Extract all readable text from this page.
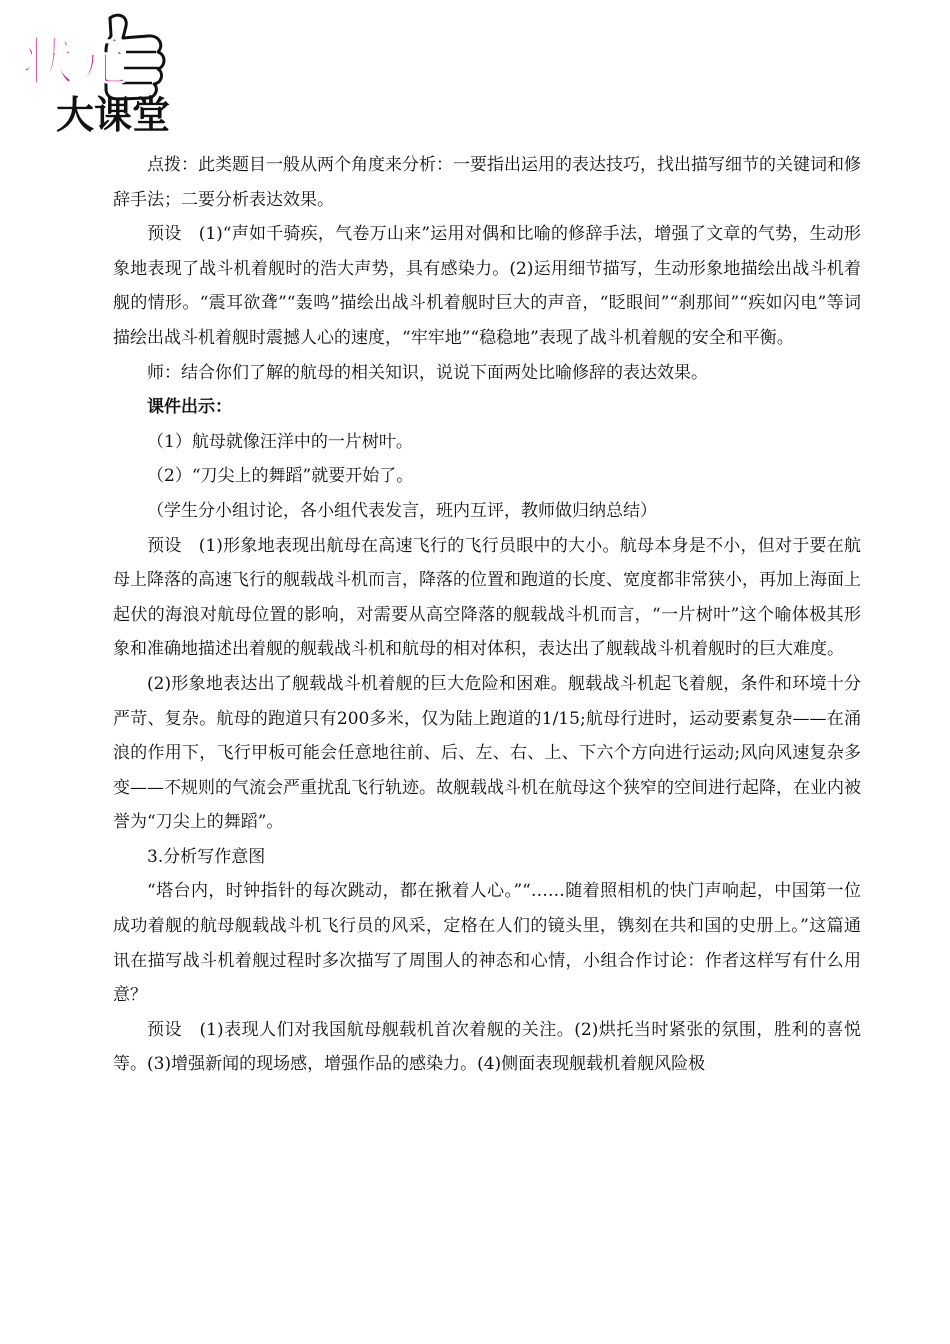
状元
大课堂

点拨：此类题目一般从两个角度来分析：一要指出运用的表达技巧，找出描写细节的关键词和修辞手法；二要分析表达效果。

预设　(1)“声如千骑疾，气卷万山来”运用对偶和比喻的修辞手法，增强了文章的气势，生动形象地表现了战斗机着舰时的浩大声势，具有感染力。(2)运用细节描写，生动形象地描绘出战斗机着舰的情形。“震耳欲聋”“轰鸣”描绘出战斗机着舰时巨大的声音，“眨眼间”“刹那间”“疾如闪电”等词描绘出战斗机着舰时震撼人心的速度，“牢牢地”“稳稳地”表现了战斗机着舰的安全和平衡。

师：结合你们了解的航母的相关知识，说说下面两处比喻修辞的表达效果。

课件出示：

（1）航母就像汪洋中的一片树叶。

（2）“刀尖上的舞蹈”就要开始了。

（学生分小组讨论，各小组代表发言，班内互评，教师做归纳总结）

预设　(1)形象地表现出航母在高速飞行的飞行员眼中的大小。航母本身是不小，但对于要在航母上降落的高速飞行的舰载战斗机而言，降落的位置和跑道的长度、宽度都非常狭小，再加上海面上起伏的海浪对航母位置的影响，对需要从高空降落的舰载战斗机而言，“一片树叶”这个喻体极其形象和准确地描述出着舰的舰载战斗机和航母的相对体积，表达出了舰载战斗机着舰时的巨大难度。

(2)形象地表达出了舰载战斗机着舰的巨大危险和困难。舰载战斗机起飞着舰，条件和环境十分严苛、复杂。航母的跑道只有200多米，仅为陆上跑道的1/15;航母行进时，运动要素复杂——在涌浪的作用下，飞行甲板可能会任意地往前、后、左、右、上、下六个方向进行运动;风向风速复杂多变——不规则的气流会严重扰乱飞行轨迹。故舰载战斗机在航母这个狭窄的空间进行起降，在业内被誉为“刀尖上的舞蹈”。

3.分析写作意图

“塔台内，时钟指针的每次跳动，都在揪着人心。”“……随着照相机的快门声响起，中国第一位成功着舰的航母舰载战斗机飞行员的风采，定格在人们的镜头里，镌刻在共和国的史册上。”这篇通讯在描写战斗机着舰过程时多次描写了周围人的神态和心情，小组合作讨论：作者这样写有什么用意？

预设　(1)表现人们对我国航母舰载机首次着舰的关注。(2)烘托当时紧张的氛围，胜利的喜悦等。(3)增强新闻的现场感，增强作品的感染力。(4)侧面表现舰载机着舰风险极
